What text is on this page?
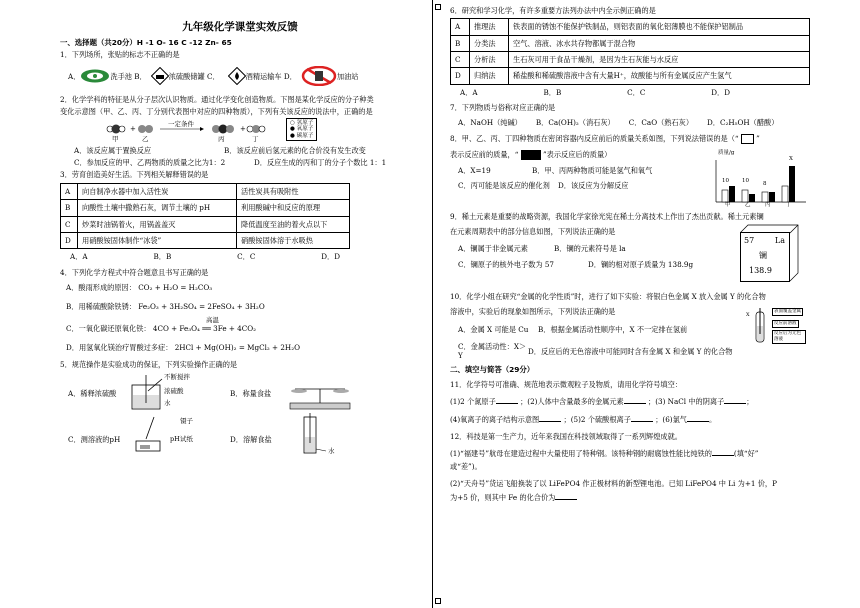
九年级化学课堂实效反馈
一、选择题（共20分）H -1 O- 16 C -12 Zn- 65

1．下列场所，张贴的标志不正确的是

A．	洗手池 B．	浓硫酸储罐 C．	酒精运输车 D．	加油站

2．化学学科的特征是从分子层次认识物质。通过化学变化创造物质。下图是某化学反应的分子种类

变化示意图（甲、乙、丙、丁分别代表图中对应的四种物质），下列有关该反应的说法中，正确的是

+	+
一定条件
甲	乙	丙	丁
○ 氢原子
● 氧原子
● 碳原子
A．该反应属于置换反应	B．该反应前后氢元素的化合价没有发生改变
C．参加反应的甲、乙两物质的质量之比为1：2	D．反应生成的丙和丁的分子个数比 1：1

3．劳育创造美好生活。下列相关解释错误的是

A	向自制净水器中加入活性炭	活性炭具有吸附性
B	向酸性土壤中撒熟石灰，调节土壤的 pH	利用酸碱中和反应的原理
C	炒菜时油锅着火，用锅盖盖灭	降低温度至油的着火点以下
D	用硝酸铵固体制作“冰袋”	硝酸铵固体溶于水吸热
A．A	B．B	C．C	D．D

4．下列化学方程式中符合题意且书写正确的是

A．酸雨形成的原因： CO₂ + H₂O = H₂CO₃
B．用稀硫酸除铁锈： Fe₂O₃ + 3H₂SO₄ = 2FeSO₄ + 3H₂O
C．一氧化碳还原氧化铁： 4CO + Fe₃O₄ ══ 3Fe + 4CO₂
高温
D．用氢氧化镁治疗胃酸过多症： 2HCl + Mg(OH)₂ = MgCl₂ + 2H₂O

5．规范操作是实验成功的保证，下列实验操作正确的是

A．稀释浓硫酸
不断搅拌
浓硫酸
水
B．称量食盐
C．测溶液的pH
镊子
pH试纸	D．溶解食盐
水

6．研究和学习化学，有许多重要方法列办法中内全示例正确的是

A	推理法	铁表面的锈蚀不能保护铁制品，则铝表面的氧化铝薄膜也不能保护铝制品
B	分类法	空气、溶液、冰水共存物都属于混合物
C	分析法	生石灰可用于食品干燥剂，是因为生石灰能与水反应
D	归纳法	稀盐酸和稀硫酸溶液中含有大量H⁺，故酸能与所有金属反应产生氢气
A．A	B．B	C．C	D．D

7．下列物质与俗称对应正确的是

A．NaOH（纯碱） B．Ca(OH)₂（消石灰） C．CaO（熟石灰） D．C₂H₅OH（醋酸）

8．甲、乙、丙、丁四种物质在密闭容器内反应前后的质量关系如图，下列说法错误的是（“ ”

表示反应前的质量，“	”表示反应后的质量）

A．X=19	B．甲、丙两种物质可能是氢气和氧气
C．丙可能是该反应的催化剂	D．该反应为分解反应
质量/g
10 10	8
X
甲	乙	丙	丁

9．稀土元素是重要的战略资源，我国化学家徐光宪在稀土分离技术上作出了杰出贡献。稀土元素镧

在元素周期表中的部分信息如图，下列说法正确的是

A．镧属于非金属元素	B．镧的元素符号是 la
C．镧原子的核外电子数为 57	D．镧的相对原子质量为 138.9g
57	La
镧
138.9

10．化学小组在研究“金属的化学性质”时，进行了如下实验：将银白色金属 X 放入金属 Y 的化合物

溶液中，实验后的现象如图所示，下列说法正确的是

A．金属 X 可能是 Cu	B．根据金属活动性顺序中，X 不一定排在氢前
C．金属活动性：X＞Y
D．反应后的无色溶液中可能同时含有金属 X 和金属 Y 的化合物
X
表面覆盖金属
反应前溶液
反应后为无色溶液
二、填空与简答（29分）

11．化学符号可准确、规范地表示微观粒子及物质，请用化学符号填空：

(1)2 个氮原子	；(2)人体中含量最多的金属元素	；(3) NaCl 中的阴离子	；

(4)氧离子的离子结构示意图	；(5)2 个硫酸根离子	；(6)氯气	。

12．科技是第一生产力，近年来我国在科技领域取得了一系列辉煌成就。

(1)“福建号”航母在建造过程中大量使用了特种钢。该特种钢的耐腐蚀性能比纯铁的	(填“好”

或“差”)。

(2)“天舟号”货运飞船换装了以 LiFePO4 作正极材料的新型锂电池。已知 LiFePO4 中 Li 为+1 价，P

为+5 价，则其中 Fe 的化合价为
